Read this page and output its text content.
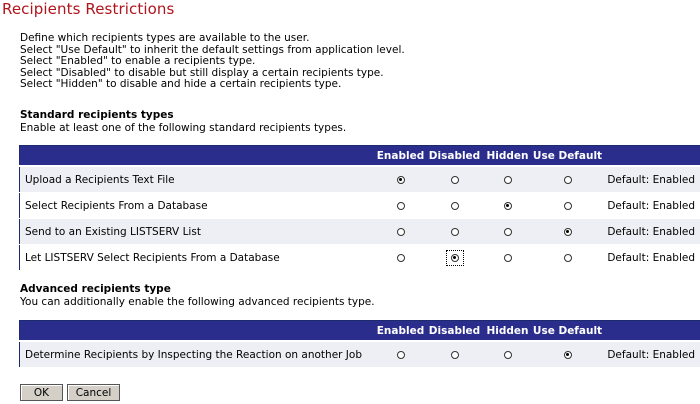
Recipients Restrictions
Define which recipients types are available to the user.
Select "Use Default" to inherit the default settings from application level.
Select "Enabled" to enable a recipients type.
Select "Disabled" to disable but still display a certain recipients type.
Select "Hidden" to disable and hide a certain recipients type.
Standard recipients types
Enable at least one of the following standard recipients types.
	Enabled	Disabled	Hidden	Use Default	
Upload a Recipients Text File					Default: Enabled
Select Recipients From a Database					Default: Enabled
Send to an Existing LISTSERV List					Default: Enabled
Let LISTSERV Select Recipients From a Database					Default: Enabled
Advanced recipients type
You can additionally enable the following advanced recipients type.
	Enabled	Disabled	Hidden	Use Default	
Determine Recipients by Inspecting the Reaction on another Job					Default: Enabled
OK	Cancel
